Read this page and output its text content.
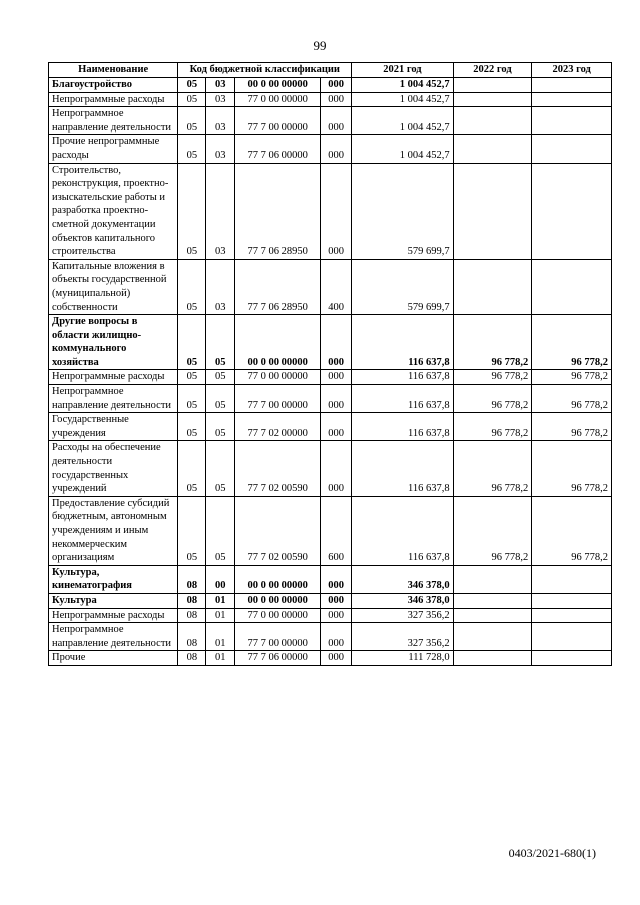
99
Наименование	Код бюджетной классификации				2021 год	2022 год	2023 год
Благоустройство	05	03	00 0 00 00000	000	1 004 452,7		
Непрограммные расходы	05	03	77 0 00 00000	000	1 004 452,7		
Непрограммное направление деятельности	05	03	77 7 00 00000	000	1 004 452,7		
Прочие непрограммные расходы	05	03	77 7 06 00000	000	1 004 452,7		
Строительство, реконструкция, проектно-изыскательские работы и разработка проектно-сметной документации объектов капитального строительства	05	03	77 7 06 28950	000	579 699,7		
Капитальные вложения в объекты государственной (муниципальной) собственности	05	03	77 7 06 28950	400	579 699,7		
Другие вопросы в области жилищно-коммунального хозяйства	05	05	00 0 00 00000	000	116 637,8	96 778,2	96 778,2
Непрограммные расходы	05	05	77 0 00 00000	000	116 637,8	96 778,2	96 778,2
Непрограммное направление деятельности	05	05	77 7 00 00000	000	116 637,8	96 778,2	96 778,2
Государственные учреждения	05	05	77 7 02 00000	000	116 637,8	96 778,2	96 778,2
Расходы на обеспечение деятельности государственных учреждений	05	05	77 7 02 00590	000	116 637,8	96 778,2	96 778,2
Предоставление субсидий бюджетным, автономным учреждениям и иным некоммерческим организациям	05	05	77 7 02 00590	600	116 637,8	96 778,2	96 778,2
Культура, кинематография	08	00	00 0 00 00000	000	346 378,0		
Культура	08	01	00 0 00 00000	000	346 378,0		
Непрограммные расходы	08	01	77 0 00 00000	000	327 356,2		
Непрограммное направление деятельности	08	01	77 7 00 00000	000	327 356,2		
Прочие	08	01	77 7 06 00000	000	111 728,0		
0403/2021-680(1)
